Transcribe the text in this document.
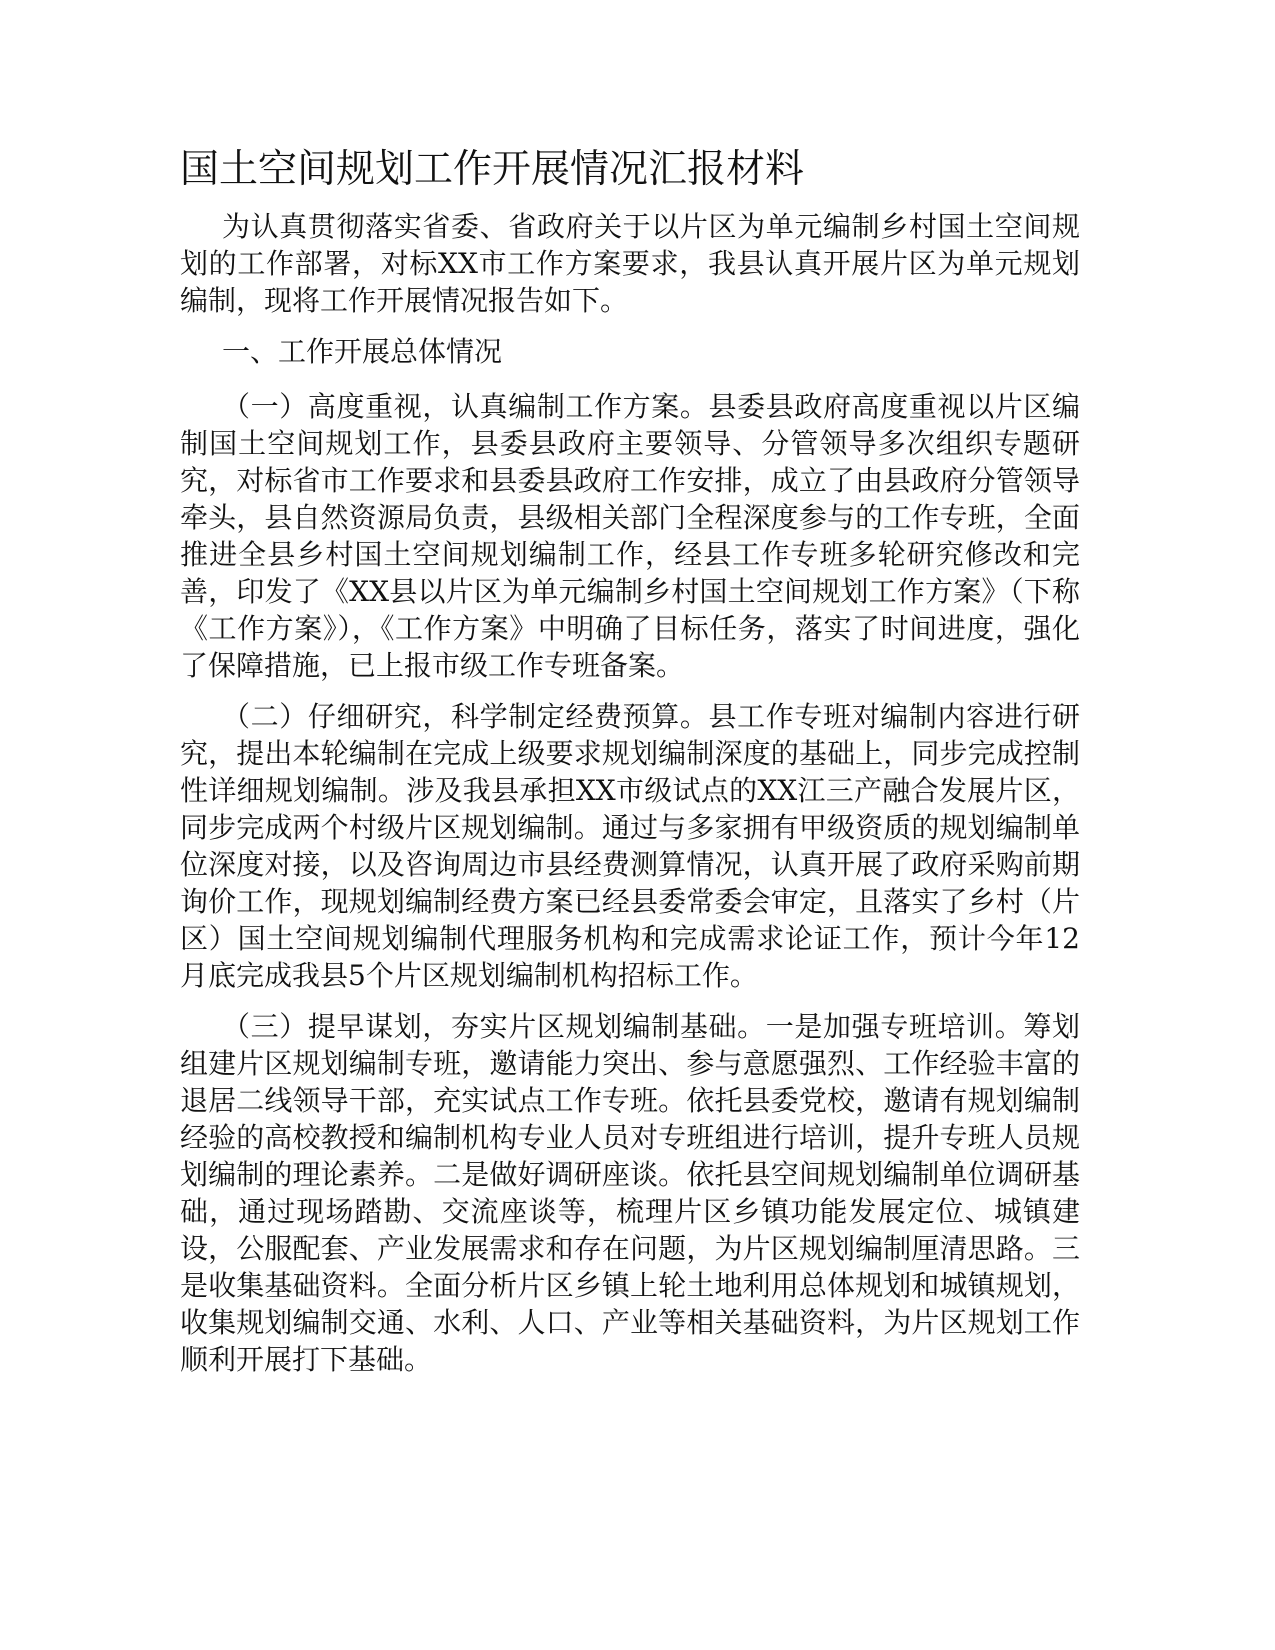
国土空间规划工作开展情况汇报材料

为认真贯彻落实省委、省政府关于以片区为单元编制乡村国土空间规划的工作部署，对标XX市工作方案要求，我县认真开展片区为单元规划编制，现将工作开展情况报告如下。

一、工作开展总体情况

（一）高度重视，认真编制工作方案。县委县政府高度重视以片区编制国土空间规划工作，县委县政府主要领导、分管领导多次组织专题研究，对标省市工作要求和县委县政府工作安排，成立了由县政府分管领导牵头，县自然资源局负责，县级相关部门全程深度参与的工作专班，全面推进全县乡村国土空间规划编制工作，经县工作专班多轮研究修改和完善，印发了《XX县以片区为单元编制乡村国土空间规划工作方案》（下称《工作方案》），《工作方案》中明确了目标任务，落实了时间进度，强化了保障措施，已上报市级工作专班备案。

（二）仔细研究，科学制定经费预算。县工作专班对编制内容进行研究，提出本轮编制在完成上级要求规划编制深度的基础上，同步完成控制性详细规划编制。涉及我县承担XX市级试点的XX江三产融合发展片区，同步完成两个村级片区规划编制。通过与多家拥有甲级资质的规划编制单位深度对接，以及咨询周边市县经费测算情况，认真开展了政府采购前期询价工作，现规划编制经费方案已经县委常委会审定，且落实了乡村（片区）国土空间规划编制代理服务机构和完成需求论证工作，预计今年12月底完成我县5个片区规划编制机构招标工作。

（三）提早谋划，夯实片区规划编制基础。一是加强专班培训。筹划组建片区规划编制专班，邀请能力突出、参与意愿强烈、工作经验丰富的退居二线领导干部，充实试点工作专班。依托县委党校，邀请有规划编制经验的高校教授和编制机构专业人员对专班组进行培训，提升专班人员规划编制的理论素养。二是做好调研座谈。依托县空间规划编制单位调研基础，通过现场踏勘、交流座谈等，梳理片区乡镇功能发展定位、城镇建设，公服配套、产业发展需求和存在问题，为片区规划编制厘清思路。三是收集基础资料。全面分析片区乡镇上轮土地利用总体规划和城镇规划，收集规划编制交通、水利、人口、产业等相关基础资料，为片区规划工作顺利开展打下基础。
